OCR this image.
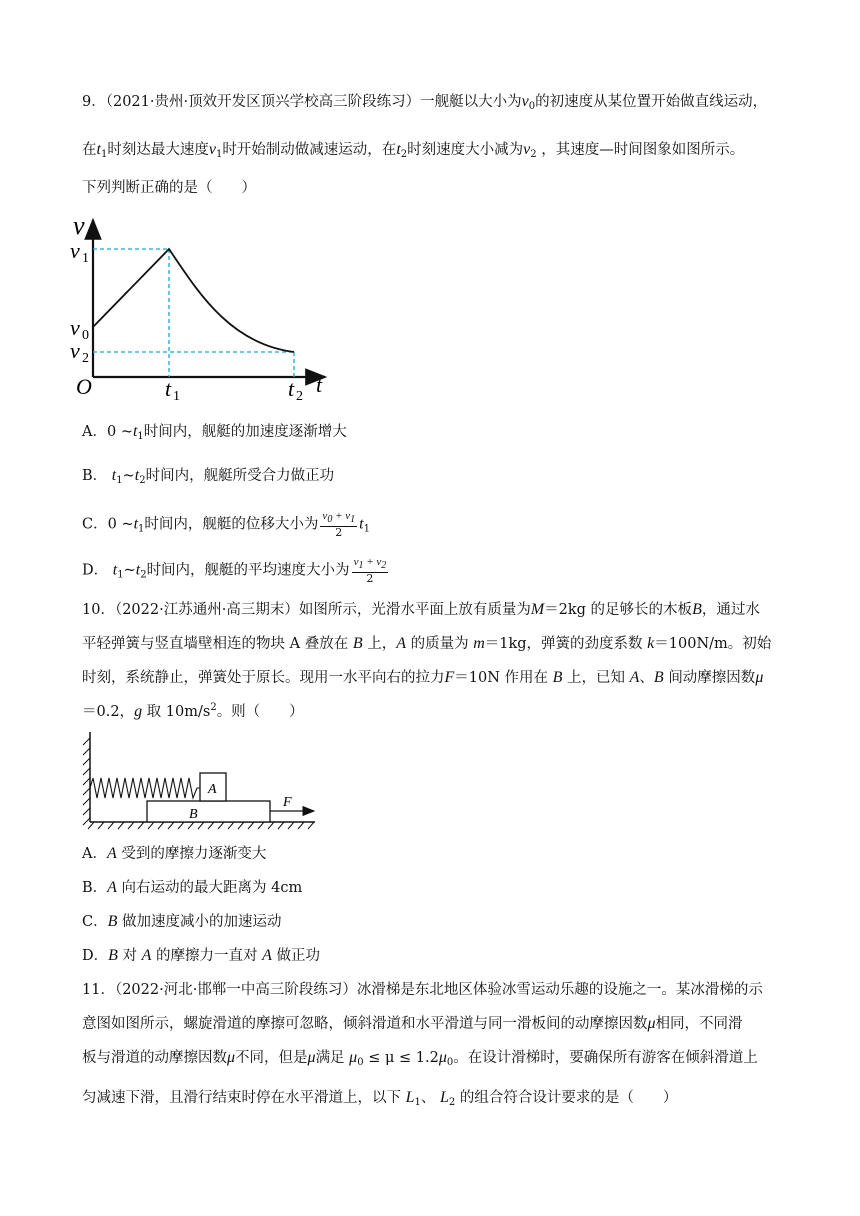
9．（2021·贵州·顶效开发区顶兴学校高三阶段练习）一舰艇以大小为$v_0$的初速度从某位置开始做直线运动，
在$t_1$时刻达最大速度$v_1$时开始制动做减速运动，在$t_2$时刻速度大小减为$v_2$ ，其速度—时间图象如图所示。
下列判断正确的是（　　）
v
t
O
v 1
v 0
v 2
t 1	t 2
A．0 $\sim t_1$时间内，舰艇的加速度逐渐增大
B． $t_1\sim t_2$时间内，舰艇所受合力做正功
C．0 $\sim t_1$时间内，舰艇的位移大小为 $\frac{v_0 + v_1}{2} t_1$
D． $t_1\sim t_2$时间内，舰艇的平均速度大小为 $\frac{v_1 + v_2}{2}$
10．（2022·江苏通州·高三期末）如图所示，光滑水平面上放有质量为M＝2kg 的足够长的木板B，通过水
平轻弹簧与竖直墙壁相连的物块 A 叠放在 B 上，A 的质量为 m＝1kg，弹簧的劲度系数 k＝100N/m。初始
时刻，系统静止，弹簧处于原长。现用一水平向右的拉力F＝10N 作用在 B 上，已知 A、B 间动摩擦因数μ
＝0.2，g 取 $10m/s^2$。则（　　）
B
A
F
A．A 受到的摩擦力逐渐变大
B．A 向右运动的最大距离为 4cm
C．B 做加速度减小的加速运动
D．B 对 A 的摩擦力一直对 A 做正功
11．（2022·河北·邯郸一中高三阶段练习）冰滑梯是东北地区体验冰雪运动乐趣的设施之一。某冰滑梯的示
意图如图所示，螺旋滑道的摩擦可忽略，倾斜滑道和水平滑道与同一滑板间的动摩擦因数μ相同，不同滑
板与滑道的动摩擦因数μ不同，但是μ满足 $\mu_0 \le \mu \le 1.2\mu_0$。在设计滑梯时，要确保所有游客在倾斜滑道上
匀减速下滑，且滑行结束时停在水平滑道上，以下 $L_1$、 $L_2$ 的组合符合设计要求的是（　　）
